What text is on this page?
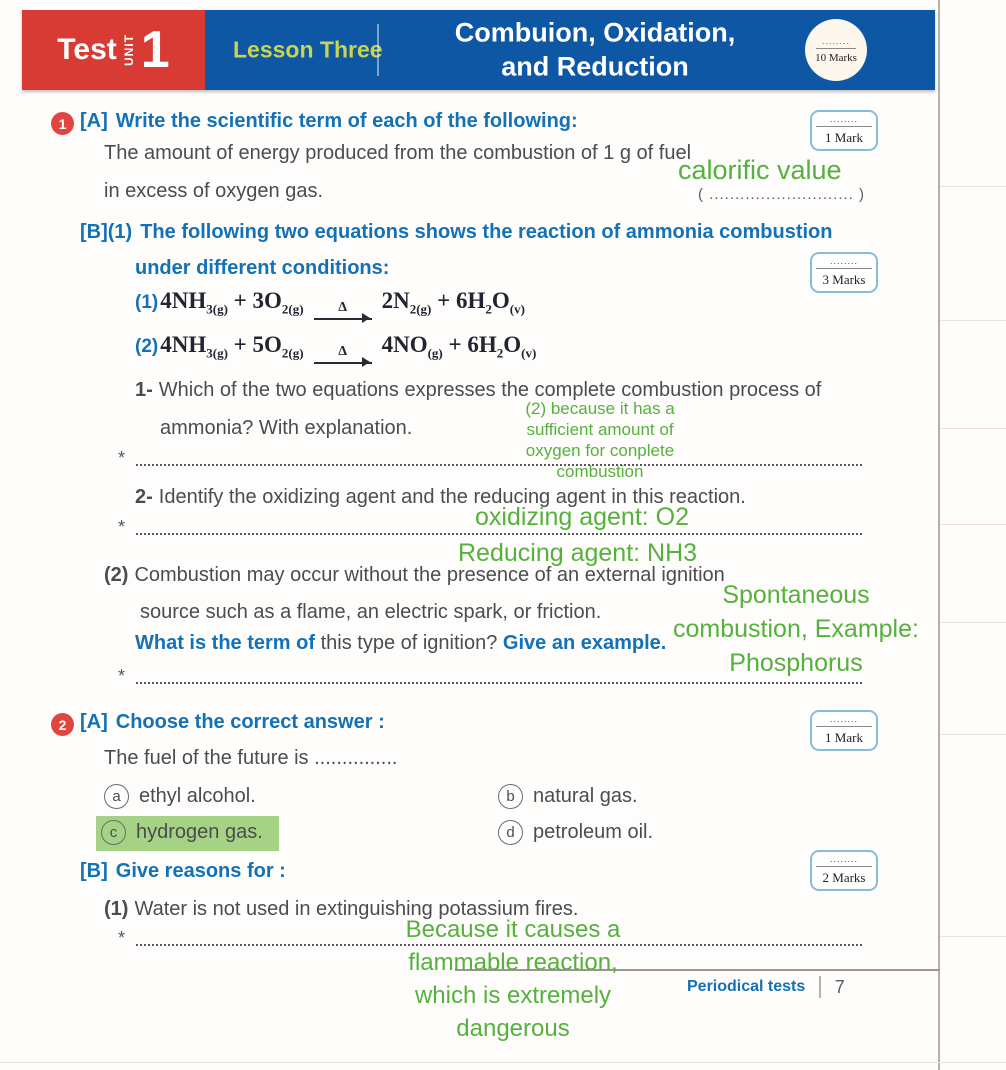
Test UNIT 1	Lesson Three
Combuion, Oxidation,
and Reduction
........
10 Marks
1 [A] Write the scientific term of each of the following:	........
1 Mark
The amount of energy produced from the combustion of 1 g of fuel
in excess of oxygen gas.
calorific value
( ............................ )
[B](1) The following two equations shows the reaction of ammonia combustion
under different conditions:	........
3 Marks
$(1)4NH_{3(g)} + 3O_{2(g)}$ Δ $2N_{2(g)} + 6H_2O_{(v)}$
$(2)4NH_{3(g)} + 5O_{2(g)}$ Δ $4NO_{(g)} + 6H_2O_{(v)}$
1- Which of the two equations expresses the complete combustion process of
ammonia? With explanation.
(2) because it has a
sufficient amount of
oxygen for conplete
combustion
*
2- Identify the oxidizing agent and the reducing agent in this reaction.
oxidizing agent: O2
*
Reducing agent: NH3
(2) Combustion may occur without the presence of an external ignition
source such as a flame, an electric spark, or friction.
What is the term of this type of ignition? Give an example.
Spontaneous
combustion, Example:
Phosphorus
*
2 [A] Choose the correct answer :	........
1 Mark
The fuel of the future is ...............
a ethyl alcohol.	b natural gas.
c hydrogen gas.	d petroleum oil.
[B] Give reasons for :
........
2 Marks
(1) Water is not used in extinguishing potassium fires.
Because it causes a
flammable reaction,
which is extremely
dangerous
*
Periodical tests 7
